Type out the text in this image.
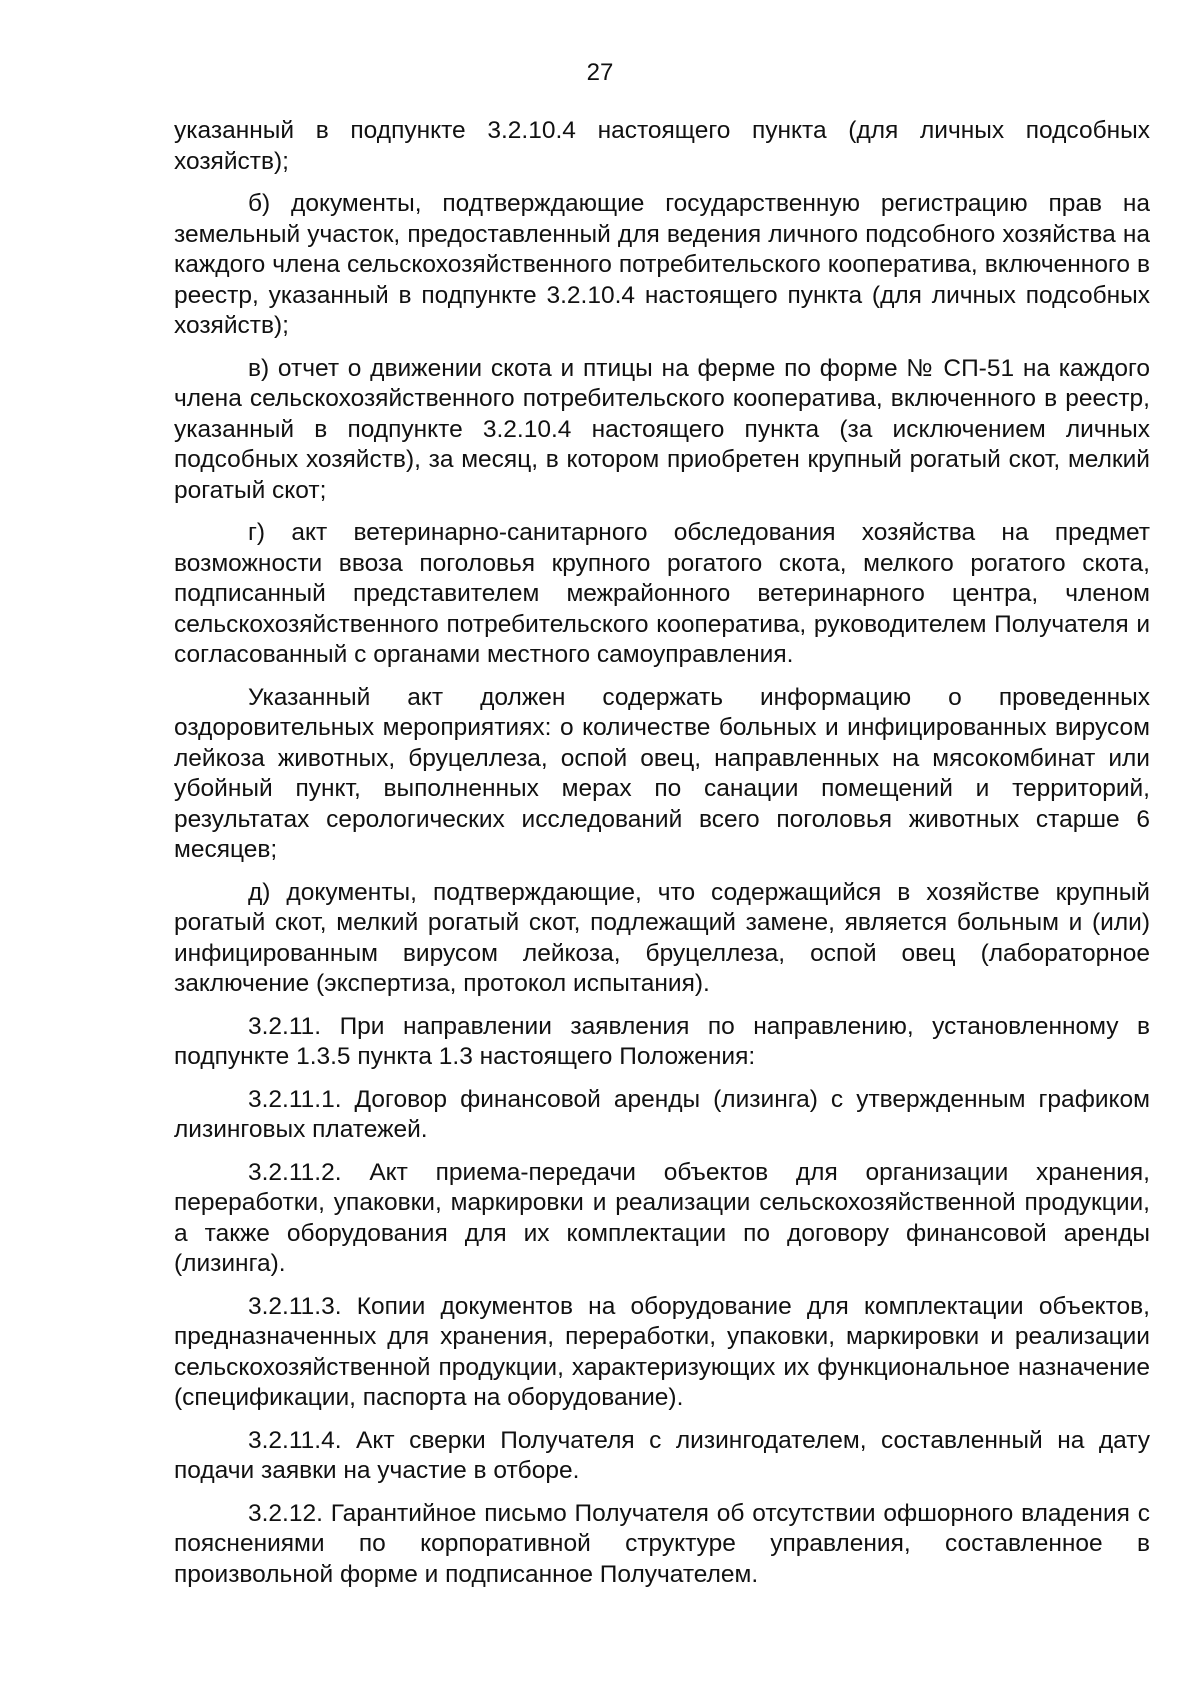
27

указанный в подпункте 3.2.10.4 настоящего пункта (для личных подсобных хозяйств);

б) документы, подтверждающие государственную регистрацию прав на земельный участок, предоставленный для ведения личного подсобного хозяйства на каждого члена сельскохозяйственного потребительского кооператива, включенного в реестр, указанный в подпункте 3.2.10.4 настоящего пункта (для личных подсобных хозяйств);

в) отчет о движении скота и птицы на ферме по форме № СП-51 на каждого члена сельскохозяйственного потребительского кооператива, включенного в реестр, указанный в подпункте 3.2.10.4 настоящего пункта (за исключением личных подсобных хозяйств), за месяц, в котором приобретен крупный рогатый скот, мелкий рогатый скот;

г) акт ветеринарно-санитарного обследования хозяйства на предмет возможности ввоза поголовья крупного рогатого скота, мелкого рогатого скота, подписанный представителем межрайонного ветеринарного центра, членом сельскохозяйственного потребительского кооператива, руководителем Получателя и согласованный с органами местного самоуправления.

Указанный акт должен содержать информацию о проведенных оздоровительных мероприятиях: о количестве больных и инфицированных вирусом лейкоза животных, бруцеллеза, оспой овец, направленных на мясокомбинат или убойный пункт, выполненных мерах по санации помещений и территорий, результатах серологических исследований всего поголовья животных старше 6 месяцев;

д) документы, подтверждающие, что содержащийся в хозяйстве крупный рогатый скот, мелкий рогатый скот, подлежащий замене, является больным и (или) инфицированным вирусом лейкоза, бруцеллеза, оспой овец (лабораторное заключение (экспертиза, протокол испытания).

3.2.11. При направлении заявления по направлению, установленному в подпункте 1.3.5 пункта 1.3 настоящего Положения:

3.2.11.1. Договор финансовой аренды (лизинга) с утвержденным графиком лизинговых платежей.

3.2.11.2. Акт приема-передачи объектов для организации хранения, переработки, упаковки, маркировки и реализации сельскохозяйственной продукции, а также оборудования для их комплектации по договору финансовой аренды (лизинга).

3.2.11.3. Копии документов на оборудование для комплектации объектов, предназначенных для хранения, переработки, упаковки, маркировки и реализации сельскохозяйственной продукции, характеризующих их функциональное назначение (спецификации, паспорта на оборудование).

3.2.11.4. Акт сверки Получателя с лизингодателем, составленный на дату подачи заявки на участие в отборе.

3.2.12. Гарантийное письмо Получателя об отсутствии офшорного владения с пояснениями по корпоративной структуре управления, составленное в произвольной форме и подписанное Получателем.
